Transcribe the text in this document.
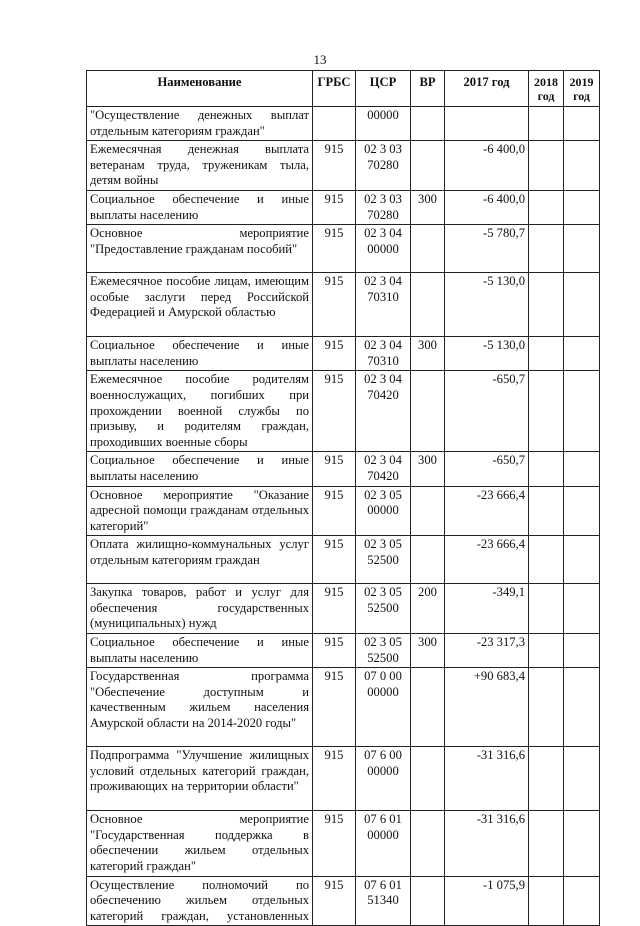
13
Наименование	ГРБС	ЦСР	ВР	2017 год	2018 год	2019 год
"Осуществление денежных выплат отдельным категориям граждан"		00000				
Ежемесячная денежная выплата ветеранам труда, труженикам тыла, детям войны	915	02 3 03 70280		-6 400,0		
Социальное обеспечение и иные выплаты населению	915	02 3 03 70280	300	-6 400,0		
Основное мероприятие "Предоставление гражданам пособий"	915	02 3 04 00000		-5 780,7		
Ежемесячное пособие лицам, имеющим особые заслуги перед Российской Федерацией и Амурской областью	915	02 3 04 70310		-5 130,0		
Социальное обеспечение и иные выплаты населению	915	02 3 04 70310	300	-5 130,0		
Ежемесячное пособие родителям военнослужащих, погибших при прохождении военной службы по призыву, и родителям граждан, проходивших военные сборы	915	02 3 04 70420		-650,7		
Социальное обеспечение и иные выплаты населению	915	02 3 04 70420	300	-650,7		
Основное мероприятие "Оказание адресной помощи гражданам отдельных категорий"	915	02 3 05 00000		-23 666,4		
Оплата жилищно-коммунальных услуг отдельным категориям граждан	915	02 3 05 52500		-23 666,4		
Закупка товаров, работ и услуг для обеспечения государственных (муниципальных) нужд	915	02 3 05 52500	200	-349,1		
Социальное обеспечение и иные выплаты населению	915	02 3 05 52500	300	-23 317,3		
Государственная программа "Обеспечение доступным и качественным жильем населения Амурской области на 2014-2020 годы"	915	07 0 00 00000		+90 683,4		
Подпрограмма "Улучшение жилищных условий отдельных категорий граждан, проживающих на территории области"	915	07 6 00 00000		-31 316,6		
Основное мероприятие "Государственная поддержка в обеспечении жильем отдельных категорий граждан"	915	07 6 01 00000		-31 316,6		
Осуществление полномочий по обеспечению жильем отдельных категорий граждан, установленных	915	07 6 01 51340		-1 075,9		
